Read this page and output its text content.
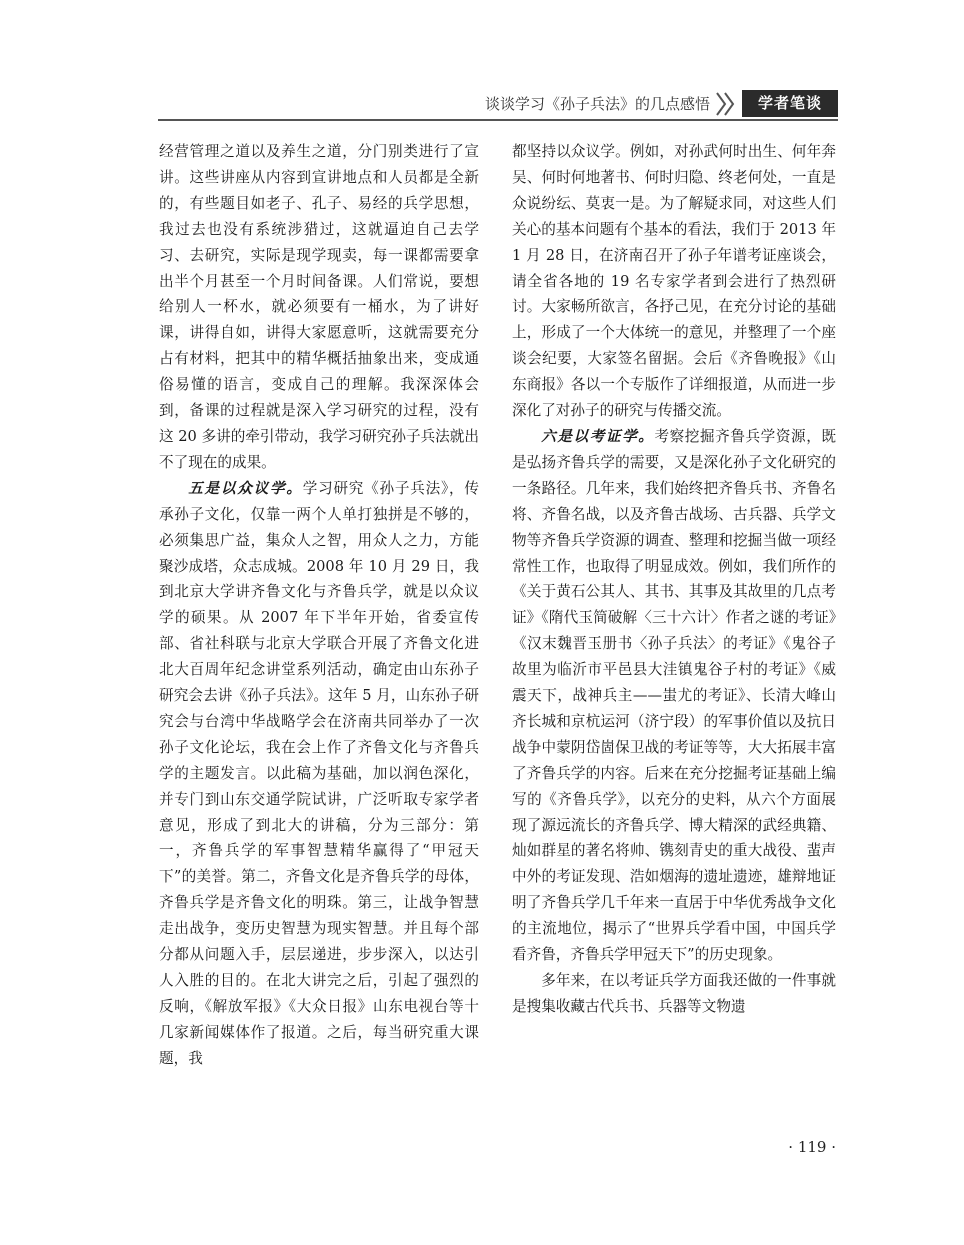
谈谈学习《孙子兵法》的几点感悟	学者笔谈

经营管理之道以及养生之道，分门别类进行了宣讲。这些讲座从内容到宣讲地点和人员都是全新的，有些题目如老子、孔子、易经的兵学思想，我过去也没有系统涉猎过，这就逼迫自己去学习、去研究，实际是现学现卖，每一课都需要拿出半个月甚至一个月时间备课。人们常说，要想给别人一杯水，就必须要有一桶水，为了讲好课，讲得自如，讲得大家愿意听，这就需要充分占有材料，把其中的精华概括抽象出来，变成通俗易懂的语言，变成自己的理解。我深深体会到，备课的过程就是深入学习研究的过程，没有这 20 多讲的牵引带动，我学习研究孙子兵法就出不了现在的成果。

五是以众议学。学习研究《孙子兵法》，传承孙子文化，仅靠一两个人单打独拼是不够的，必须集思广益，集众人之智，用众人之力，方能聚沙成塔，众志成城。2008 年 10 月 29 日，我到北京大学讲齐鲁文化与齐鲁兵学，就是以众议学的硕果。从 2007 年下半年开始，省委宣传部、省社科联与北京大学联合开展了齐鲁文化进北大百周年纪念讲堂系列活动，确定由山东孙子研究会去讲《孙子兵法》。这年 5 月，山东孙子研究会与台湾中华战略学会在济南共同举办了一次孙子文化论坛，我在会上作了齐鲁文化与齐鲁兵学的主题发言。以此稿为基础，加以润色深化，并专门到山东交通学院试讲，广泛听取专家学者意见，形成了到北大的讲稿，分为三部分：第一，齐鲁兵学的军事智慧精华赢得了“甲冠天下”的美誉。第二，齐鲁文化是齐鲁兵学的母体，齐鲁兵学是齐鲁文化的明珠。第三，让战争智慧走出战争，变历史智慧为现实智慧。并且每个部分都从问题入手，层层递进，步步深入，以达引人入胜的目的。在北大讲完之后，引起了强烈的反响，《解放军报》《大众日报》山东电视台等十几家新闻媒体作了报道。之后，每当研究重大课题，我

都坚持以众议学。例如，对孙武何时出生、何年奔吴、何时何地著书、何时归隐、终老何处，一直是众说纷纭、莫衷一是。为了解疑求同，对这些人们关心的基本问题有个基本的看法，我们于 2013 年 1 月 28 日，在济南召开了孙子年谱考证座谈会，请全省各地的 19 名专家学者到会进行了热烈研讨。大家畅所欲言，各抒己见，在充分讨论的基础上，形成了一个大体统一的意见，并整理了一个座谈会纪要，大家签名留据。会后《齐鲁晚报》《山东商报》各以一个专版作了详细报道，从而进一步深化了对孙子的研究与传播交流。

六是以考证学。考察挖掘齐鲁兵学资源，既是弘扬齐鲁兵学的需要，又是深化孙子文化研究的一条路径。几年来，我们始终把齐鲁兵书、齐鲁名将、齐鲁名战，以及齐鲁古战场、古兵器、兵学文物等齐鲁兵学资源的调查、整理和挖掘当做一项经常性工作，也取得了明显成效。例如，我们所作的《关于黄石公其人、其书、其事及其故里的几点考证》《隋代玉简破解〈三十六计〉作者之谜的考证》《汉末魏晋玉册书〈孙子兵法〉的考证》《鬼谷子故里为临沂市平邑县大洼镇鬼谷子村的考证》《威震天下，战神兵主——蚩尤的考证》、长清大峰山齐长城和京杭运河（济宁段）的军事价值以及抗日战争中蒙阴岱崮保卫战的考证等等，大大拓展丰富了齐鲁兵学的内容。后来在充分挖掘考证基础上编写的《齐鲁兵学》，以充分的史料，从六个方面展现了源远流长的齐鲁兵学、博大精深的武经典籍、灿如群星的著名将帅、镌刻青史的重大战役、蜚声中外的考证发现、浩如烟海的遗址遗迹，雄辩地证明了齐鲁兵学几千年来一直居于中华优秀战争文化的主流地位，揭示了“世界兵学看中国，中国兵学看齐鲁，齐鲁兵学甲冠天下”的历史现象。

多年来，在以考证兵学方面我还做的一件事就是搜集收藏古代兵书、兵器等文物遗

· 119 ·
